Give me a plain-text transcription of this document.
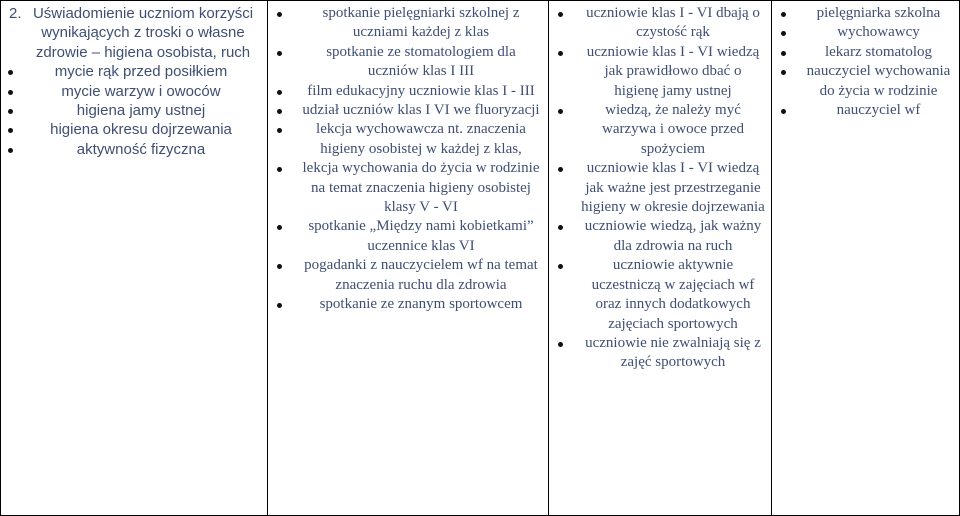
2. Uświadomienie uczniom korzyści wynikających z troski o własne zdrowie – higiena osobista, ruch
mycie rąk przed posiłkiem
mycie warzyw i owoców
higiena jamy ustnej
higiena okresu dojrzewania
aktywność fizyczna

spotkanie pielęgniarki szkolnej z uczniami każdej z klas
spotkanie ze stomatologiem dla uczniów klas I III
film edukacyjny uczniowie klas I - III
udział uczniów klas I VI we fluoryzacji
lekcja wychowawcza nt. znaczenia higieny osobistej w każdej z klas,
lekcja wychowania do życia w rodzinie na temat znaczenia higieny osobistej klasy V - VI
spotkanie „Między nami kobietkami” uczennice klas VI
pogadanki z nauczycielem wf na temat znaczenia ruchu dla zdrowia
spotkanie ze znanym sportowcem

uczniowie klas I - VI dbają o czystość rąk
uczniowie klas I - VI wiedzą jak prawidłowo dbać o higienę jamy ustnej
wiedzą, że należy myć warzywa i owoce przed spożyciem
uczniowie klas I - VI wiedzą jak ważne jest przestrzeganie higieny w okresie dojrzewania
uczniowie wiedzą, jak ważny dla zdrowia na ruch
uczniowie aktywnie uczestniczą w zajęciach wf oraz innych dodatkowych zajęciach sportowych
uczniowie nie zwalniają się z zajęć sportowych

pielęgniarka szkolna
wychowawcy
lekarz stomatolog
nauczyciel wychowania do życia w rodzinie
nauczyciel wf
